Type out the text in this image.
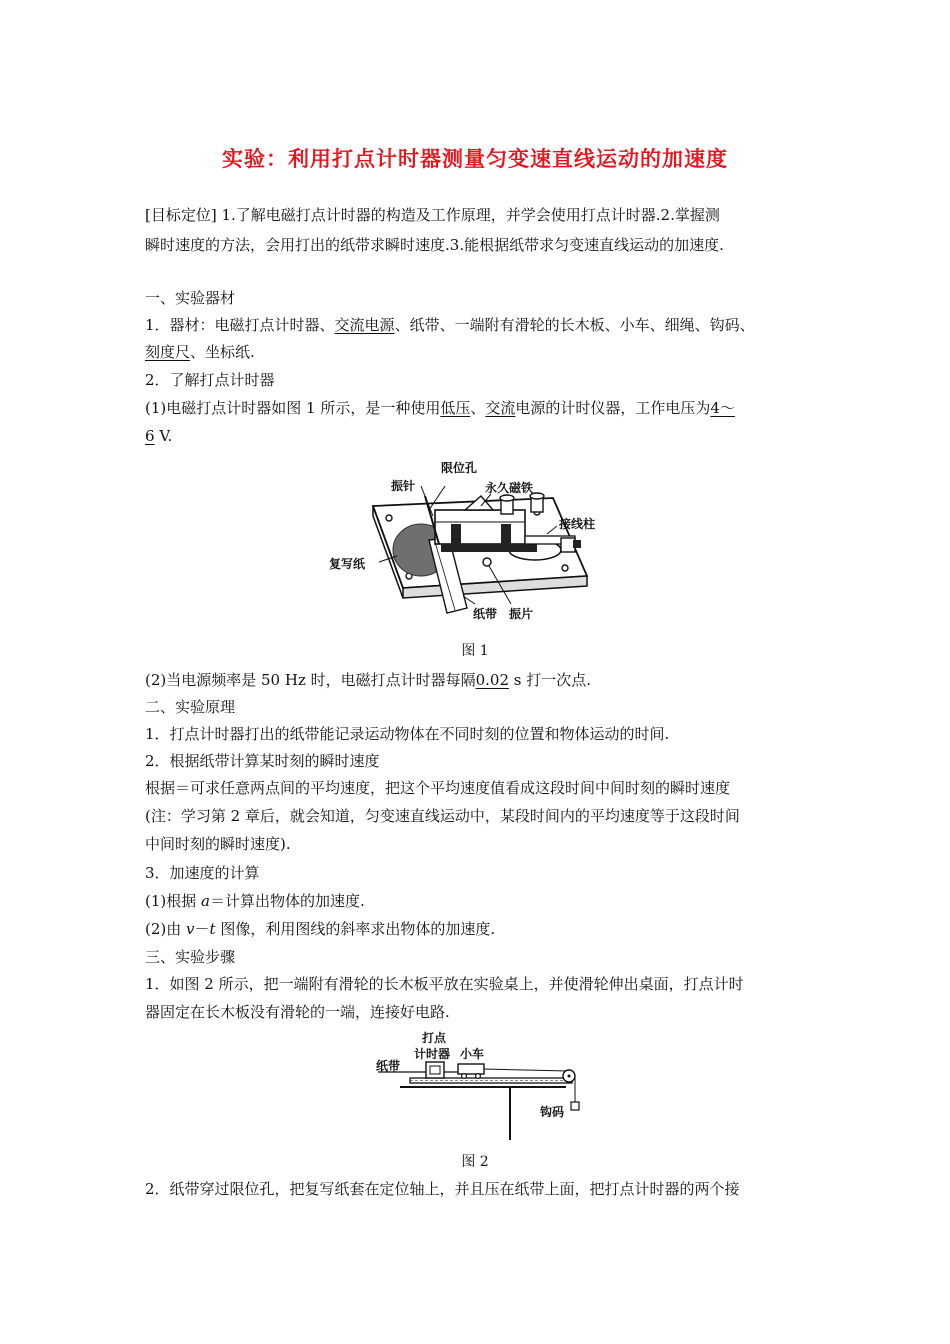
实验：利用打点计时器测量匀变速直线运动的加速度
[目标定位] 1.了解电磁打点计时器的构造及工作原理，并学会使用打点计时器.2.掌握测
瞬时速度的方法，会用打出的纸带求瞬时速度.3.能根据纸带求匀变速直线运动的加速度.
一、实验器材
1．器材：电磁打点计时器、交流电源、纸带、一端附有滑轮的长木板、小车、细绳、钩码、
刻度尺、坐标纸.
2．了解打点计时器
(1)电磁打点计时器如图 1 所示，是一种使用低压、交流电源的计时仪器，工作电压为4～
6 V.
限位孔
振针	永久磁铁
接线柱
复写纸
纸带 振片
图 1
(2)当电源频率是 50 Hz 时，电磁打点计时器每隔0.02 s 打一次点.
二、实验原理
1．打点计时器打出的纸带能记录运动物体在不同时刻的位置和物体运动的时间.
2．根据纸带计算某时刻的瞬时速度
根据＝可求任意两点间的平均速度，把这个平均速度值看成这段时间中间时刻的瞬时速度
(注：学习第 2 章后，就会知道，匀变速直线运动中，某段时间内的平均速度等于这段时间
中间时刻的瞬时速度).
3．加速度的计算
(1)根据 a＝计算出物体的加速度.
(2)由 v－t 图像，利用图线的斜率求出物体的加速度.
三、实验步骤
1．如图 2 所示，把一端附有滑轮的长木板平放在实验桌上，并使滑轮伸出桌面，打点计时
器固定在长木板没有滑轮的一端，连接好电路.
打点
计时器 小车
纸带
钩码
图 2
2．纸带穿过限位孔，把复写纸套在定位轴上，并且压在纸带上面，把打点计时器的两个接
